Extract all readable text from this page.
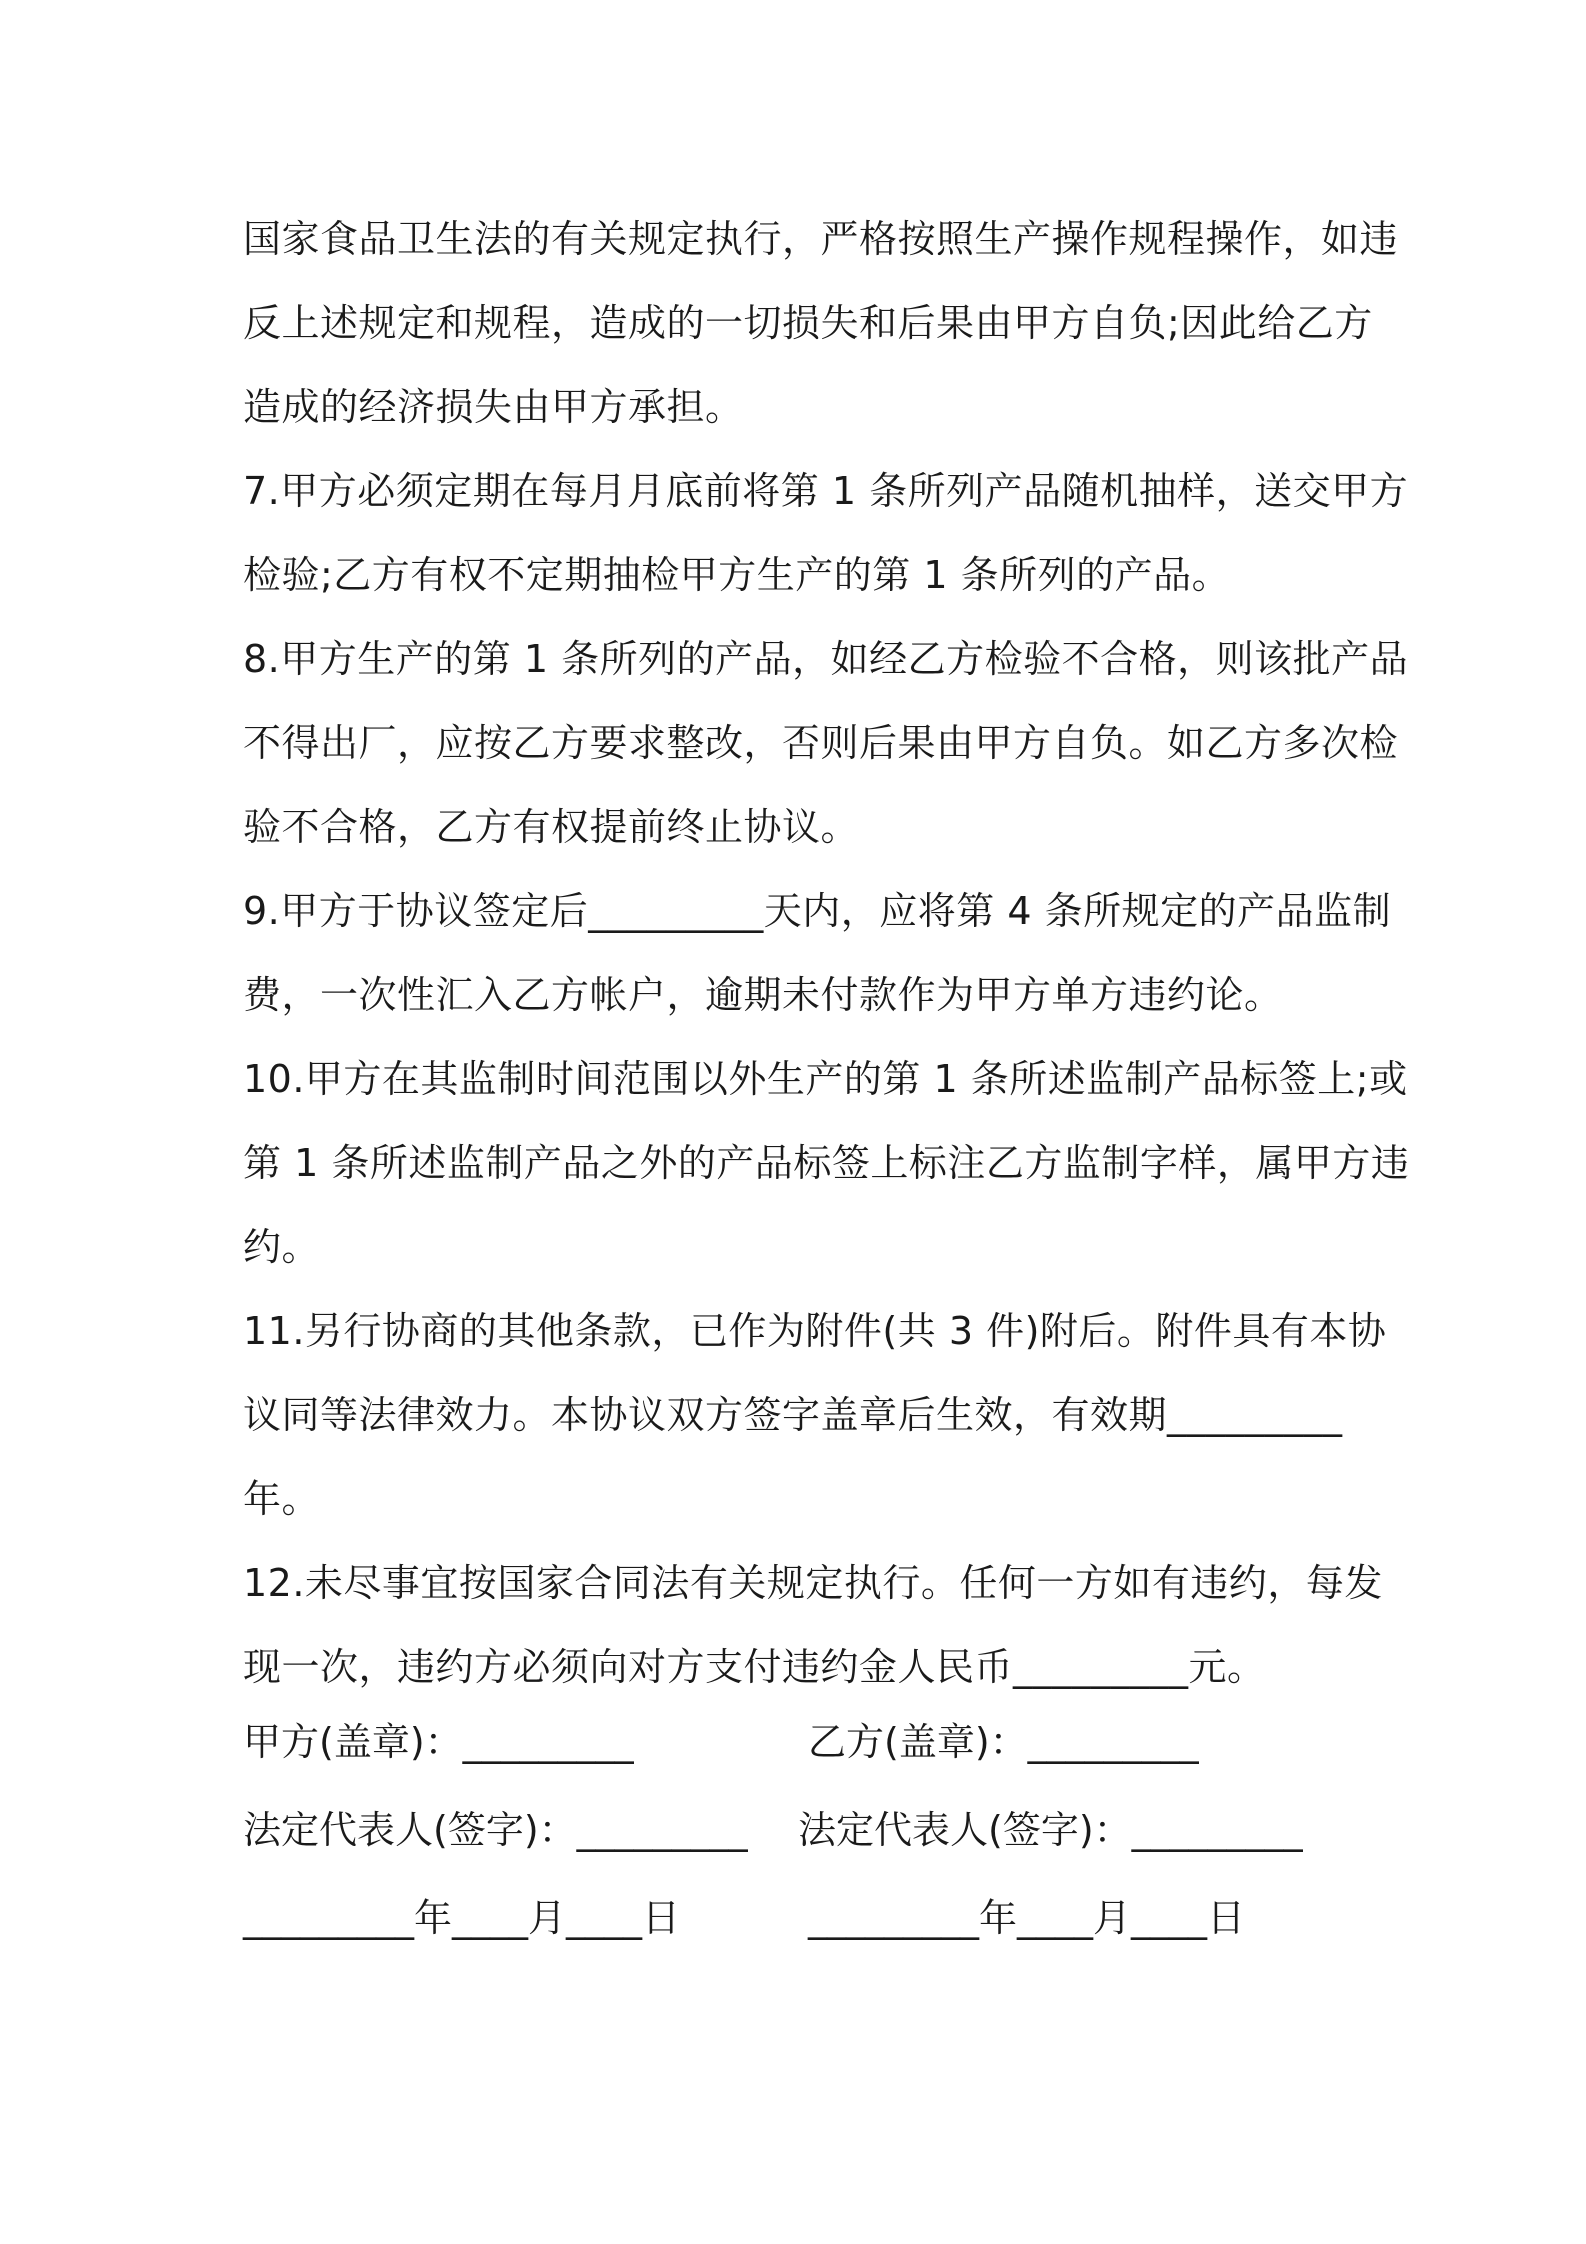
国家食品卫生法的有关规定执行，严格按照生产操作规程操作，如违
反上述规定和规程，造成的一切损失和后果由甲方自负;因此给乙方
造成的经济损失由甲方承担。
7.甲方必须定期在每月月底前将第 1 条所列产品随机抽样，送交甲方
检验;乙方有权不定期抽检甲方生产的第 1 条所列的产品。
8.甲方生产的第 1 条所列的产品，如经乙方检验不合格，则该批产品
不得出厂，应按乙方要求整改，否则后果由甲方自负。如乙方多次检
验不合格，乙方有权提前终止协议。
9.甲方于协议签定后_________天内，应将第 4 条所规定的产品监制
费，一次性汇入乙方帐户，逾期未付款作为甲方单方违约论。
10.甲方在其监制时间范围以外生产的第 1 条所述监制产品标签上;或
第 1 条所述监制产品之外的产品标签上标注乙方监制字样，属甲方违
约。
11.另行协商的其他条款，已作为附件(共 3 件)附后。附件具有本协
议同等法律效力。本协议双方签字盖章后生效，有效期_________
年。
12.未尽事宜按国家合同法有关规定执行。任何一方如有违约，每发
现一次，违约方必须向对方支付违约金人民币_________元。
甲方(盖章)：_________	乙方(盖章)：_________
法定代表人(签字)：_________ 法定代表人(签字)：_________
_________年____月____日	_________年____月____日
